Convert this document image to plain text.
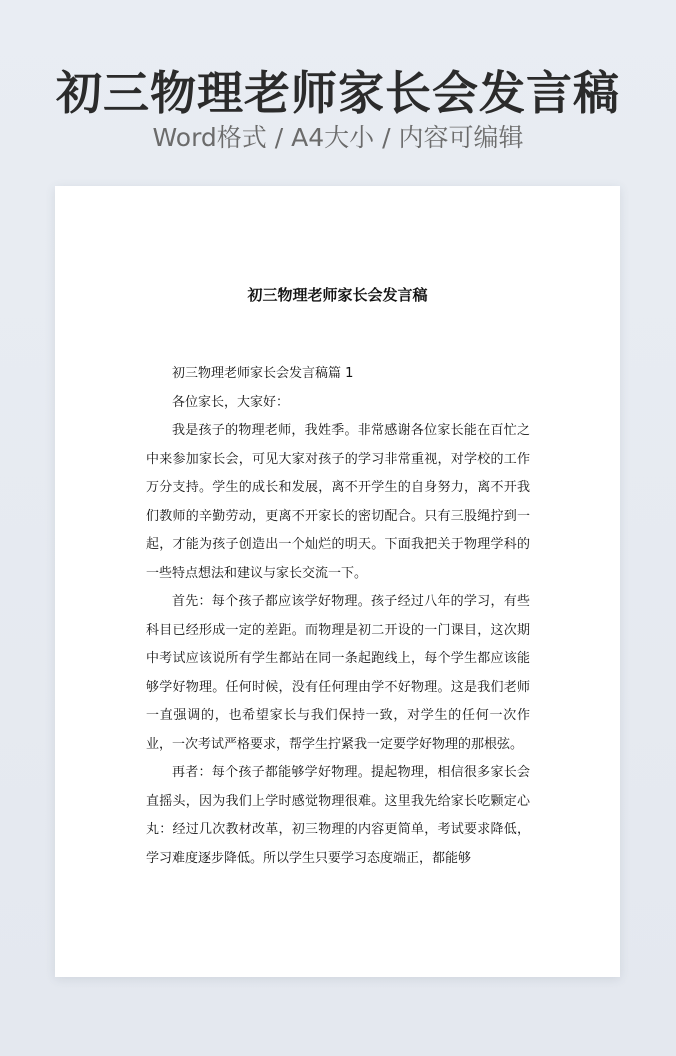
初三物理老师家长会发言稿
Word格式 / A4大小 / 内容可编辑
初三物理老师家长会发言稿

初三物理老师家长会发言稿篇 1

各位家长，大家好：

我是孩子的物理老师，我姓季。非常感谢各位家长能在百忙之中来参加家长会，可见大家对孩子的学习非常重视，对学校的工作万分支持。学生的成长和发展，离不开学生的自身努力，离不开我们教师的辛勤劳动，更离不开家长的密切配合。只有三股绳拧到一起，才能为孩子创造出一个灿烂的明天。下面我把关于物理学科的一些特点想法和建议与家长交流一下。

首先：每个孩子都应该学好物理。孩子经过八年的学习，有些科目已经形成一定的差距。而物理是初二开设的一门课目，这次期中考试应该说所有学生都站在同一条起跑线上，每个学生都应该能够学好物理。任何时候，没有任何理由学不好物理。这是我们老师一直强调的，也希望家长与我们保持一致，对学生的任何一次作业，一次考试严格要求，帮学生拧紧我一定要学好物理的那根弦。

再者：每个孩子都能够学好物理。提起物理，相信很多家长会直摇头，因为我们上学时感觉物理很难。这里我先给家长吃颗定心丸：经过几次教材改革，初三物理的内容更简单，考试要求降低，学习难度逐步降低。所以学生只要学习态度端正，都能够
